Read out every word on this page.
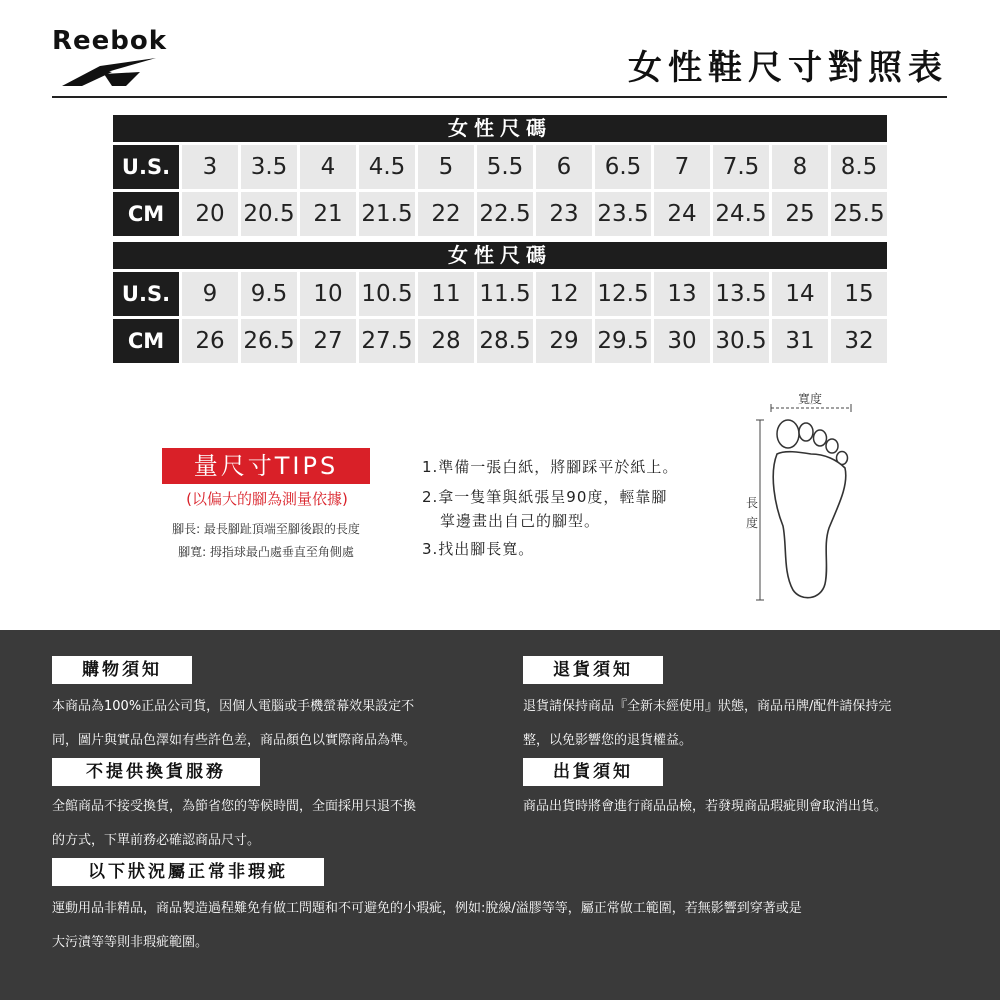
Reebok
女性鞋尺寸對照表
女性尺碼
U.S.	3	3.5	4	4.5	5	5.5	6	6.5	7	7.5	8	8.5
CM	20 20.5 21 21.5 22 22.5 23 23.5 24 24.5 25 25.5
女性尺碼
U.S.	9	9.5	10 10.5 11 11.5 12 12.5 13 13.5 14	15
CM	26 26.5 27 27.5 28 28.5 29 29.5 30 30.5 31	32
量尺寸TIPS
(以偏大的腳為測量依據)
腳長: 最長腳趾頂端至腳後跟的長度
腳寬: 拇指球最凸處垂直至角側處
1.準備一張白紙，將腳踩平於紙上。
2.拿一隻筆與紙張呈90度，輕靠腳
掌邊畫出自己的腳型。
3.找出腳長寬。
寬度
長
度
購物須知
本商品為100%正品公司貨，因個人電腦或手機螢幕效果設定不
同，圖片與實品色澤如有些許色差，商品顏色以實際商品為準。
退貨須知
退貨請保持商品『全新未經使用』狀態，商品吊牌/配件請保持完
整，以免影響您的退貨權益。
不提供換貨服務
全館商品不接受換貨，為節省您的等候時間，全面採用只退不換
的方式，下單前務必確認商品尺寸。
出貨須知
商品出貨時將會進行商品品檢，若發現商品瑕疵則會取消出貨。
以下狀況屬正常非瑕疵
運動用品非精品，商品製造過程難免有做工問題和不可避免的小瑕疵，例如:脫線/溢膠等等，屬正常做工範圍，若無影響到穿著或是
大污漬等等則非瑕疵範圍。
